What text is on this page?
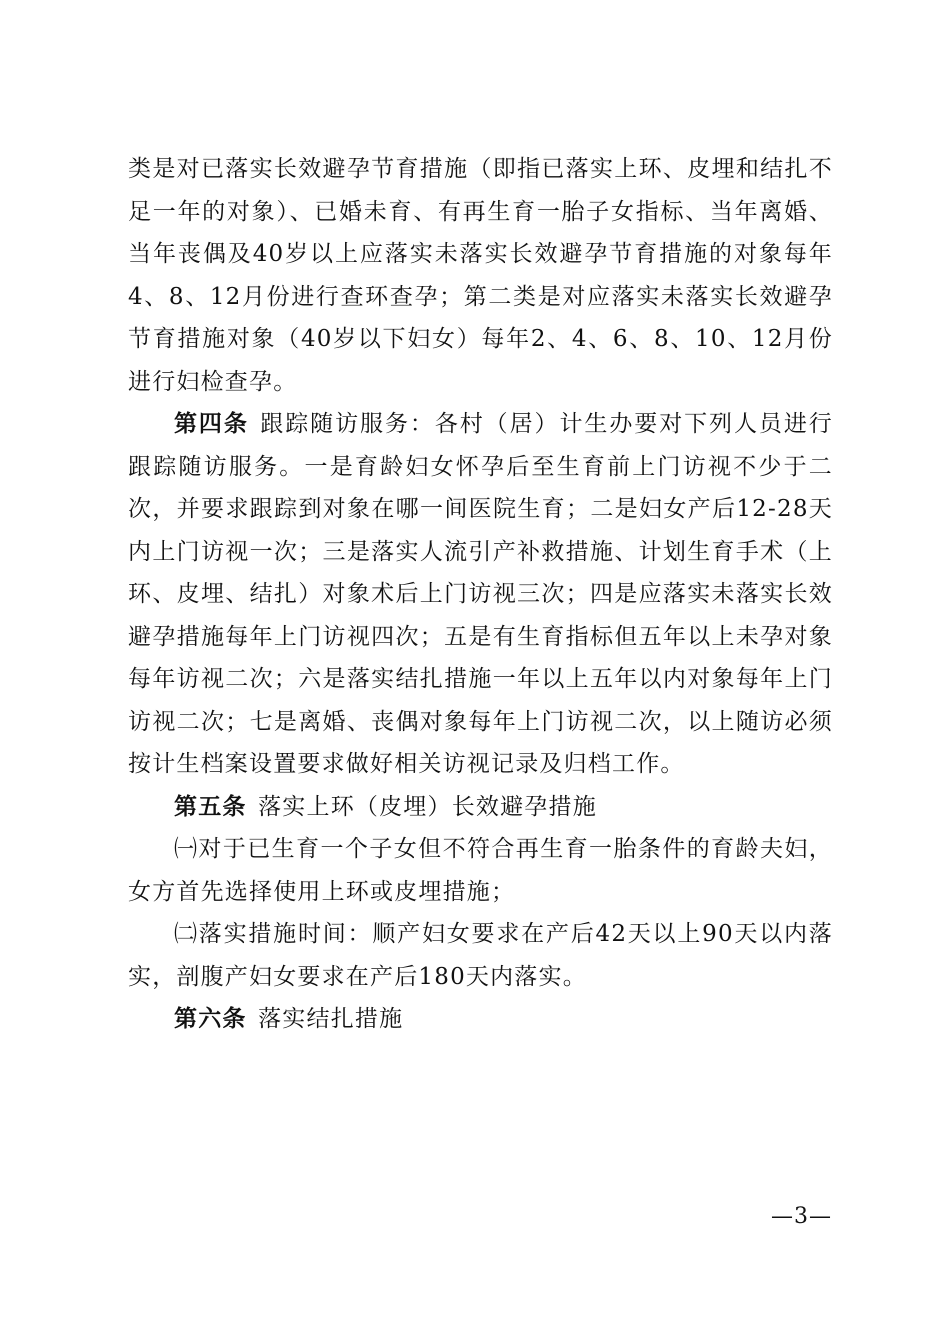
类是对已落实长效避孕节育措施（即指已落实上环、皮埋和结扎不足一年的对象）、已婚未育、有再生育一胎子女指标、当年离婚、当年丧偶及40岁以上应落实未落实长效避孕节育措施的对象每年4、8、12月份进行查环查孕；第二类是对应落实未落实长效避孕节育措施对象（40岁以下妇女）每年2、4、6、8、10、12月份进行妇检查孕。

第四条 跟踪随访服务：各村（居）计生办要对下列人员进行跟踪随访服务。一是育龄妇女怀孕后至生育前上门访视不少于二次，并要求跟踪到对象在哪一间医院生育；二是妇女产后12-28天内上门访视一次；三是落实人流引产补救措施、计划生育手术（上环、皮埋、结扎）对象术后上门访视三次；四是应落实未落实长效避孕措施每年上门访视四次；五是有生育指标但五年以上未孕对象每年访视二次；六是落实结扎措施一年以上五年以内对象每年上门访视二次；七是离婚、丧偶对象每年上门访视二次，以上随访必须按计生档案设置要求做好相关访视记录及归档工作。

第五条 落实上环（皮埋）长效避孕措施

㈠对于已生育一个子女但不符合再生育一胎条件的育龄夫妇，女方首先选择使用上环或皮埋措施；

㈡落实措施时间：顺产妇女要求在产后42天以上90天以内落实，剖腹产妇女要求在产后180天内落实。

第六条 落实结扎措施

—3—
